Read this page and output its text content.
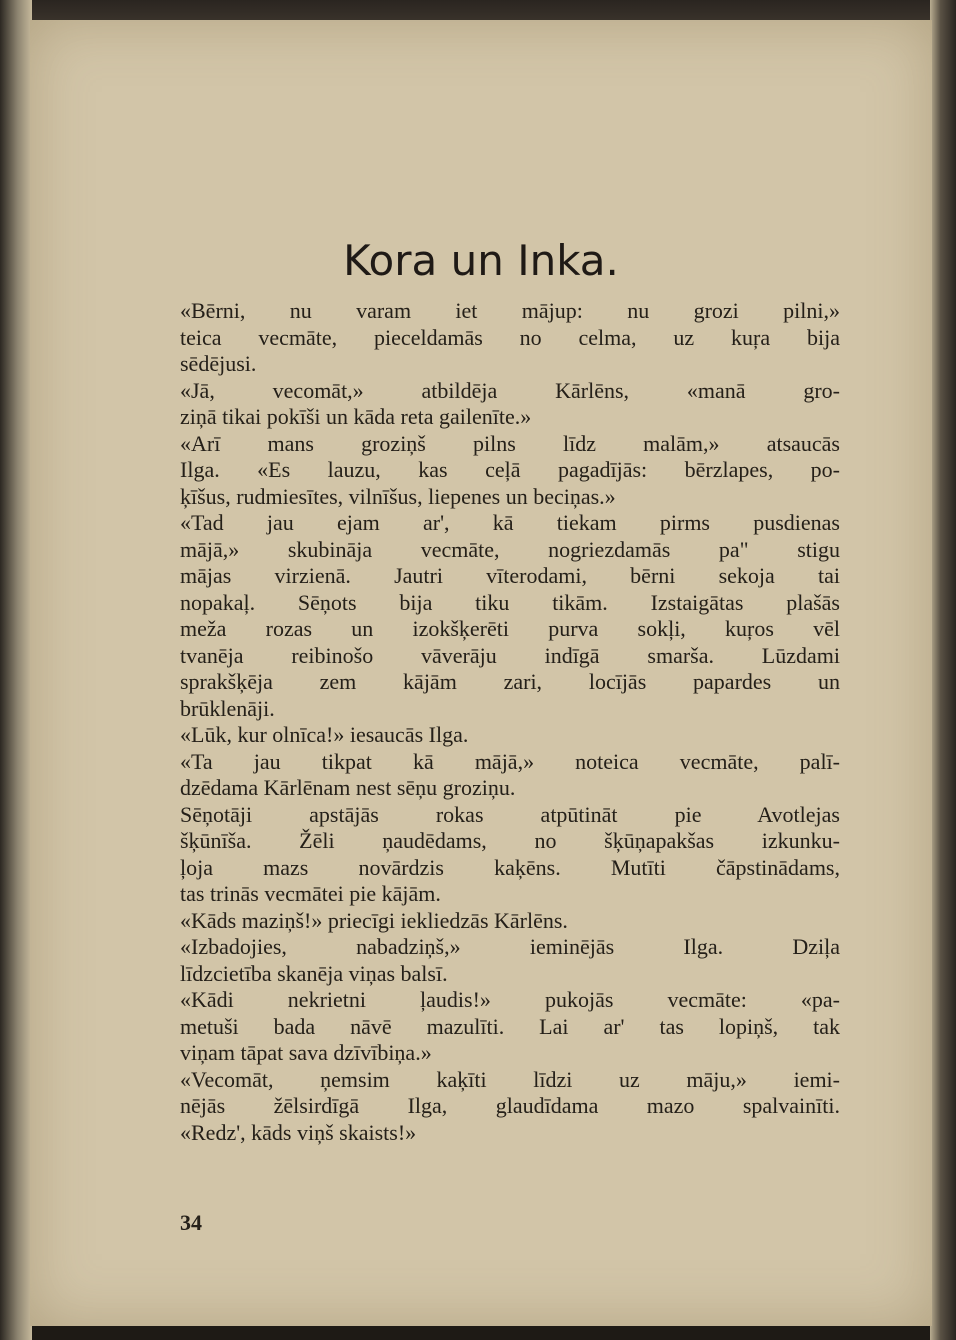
Kora un Inka.
«Bērni, nu varam iet mājup: nu grozi pilni,»
teica vecmāte, pieceldamās no celma, uz kuŗa bija
sēdējusi.
«Jā, vecomāt,» atbildēja Kārlēns, «manā gro-
ziņā tikai pokīši un kāda reta gailenīte.»
«Arī mans groziņš pilns līdz malām,» atsaucās
Ilga. «Es lauzu, kas ceļā pagadījās: bērzlapes, po-
ķīšus, rudmiesītes, vilnīšus, liepenes un beciņas.»
«Tad jau ejam ar', kā tiekam pirms pusdienas
mājā,» skubināja vecmāte, nogriezdamās pa" stigu
mājas virzienā. Jautri vīterodami, bērni sekoja tai
nopakaļ. Sēņots bija tiku tikām. Izstaigātas plašās
meža rozas un izokšķerēti purva sokļi, kuŗos vēl
tvanēja reibinošo vāverāju indīgā smarša. Lūzdami
sprakšķēja zem kājām zari, locījās papardes un
brūklenāji.
«Lūk, kur olnīca!» iesaucās Ilga.
«Ta jau tikpat kā mājā,» noteica vecmāte, palī-
dzēdama Kārlēnam nest sēņu groziņu.
Sēņotāji apstājās rokas atpūtināt pie Avotlejas
šķūnīša. Žēli ņaudēdams, no šķūņapakšas izkunku-
ļoja mazs novārdzis kaķēns. Mutīti čāpstinādams,
tas trinās vecmātei pie kājām.
«Kāds maziņš!» priecīgi iekliedzās Kārlēns.
«Izbadojies, nabadziņš,» ieminējās Ilga. Dziļa
līdzcietība skanēja viņas balsī.
«Kādi nekrietni ļaudis!» pukojās vecmāte: «pa-
metuši bada nāvē mazulīti. Lai ar' tas lopiņš, tak
viņam tāpat sava dzīvībiņa.»
«Vecomāt, ņemsim kaķīti līdzi uz māju,» iemi-
nējās žēlsirdīgā Ilga, glaudīdama mazo spalvainīti.
«Redz', kāds viņš skaists!»
34
